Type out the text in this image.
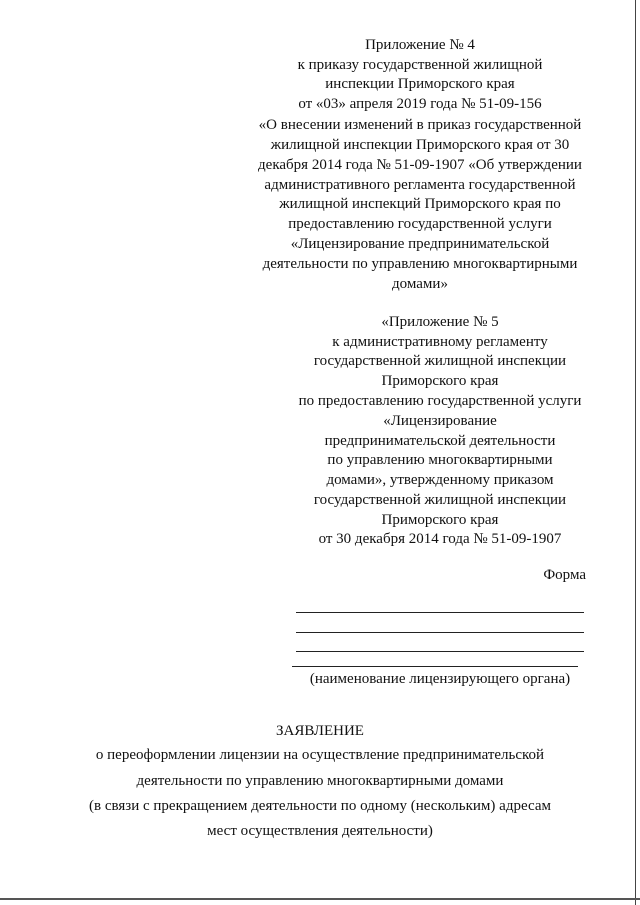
Приложение № 4
к приказу государственной жилищной
инспекции Приморского края
от «03» апреля 2019 года № 51-09-156
«О внесении изменений в приказ государственной
жилищной инспекции Приморского края от 30
декабря 2014 года № 51-09-1907 «Об утверждении
административного регламента государственной
жилищной инспекций Приморского края по
предоставлению государственной услуги
«Лицензирование предпринимательской
деятельности по управлению многоквартирными
домами»
«Приложение № 5
к административному регламенту
государственной жилищной инспекции
Приморского края
по предоставлению государственной услуги
«Лицензирование
предпринимательской деятельности
по управлению многоквартирными
домами», утвержденному приказом
государственной жилищной инспекции
Приморского края
от 30 декабря 2014 года № 51-09-1907
Форма
(наименование лицензирующего органа)
ЗАЯВЛЕНИЕ
о переоформлении лицензии на осуществление предпринимательской
деятельности по управлению многоквартирными домами
(в связи с прекращением деятельности по одному (нескольким) адресам
мест осуществления деятельности)
